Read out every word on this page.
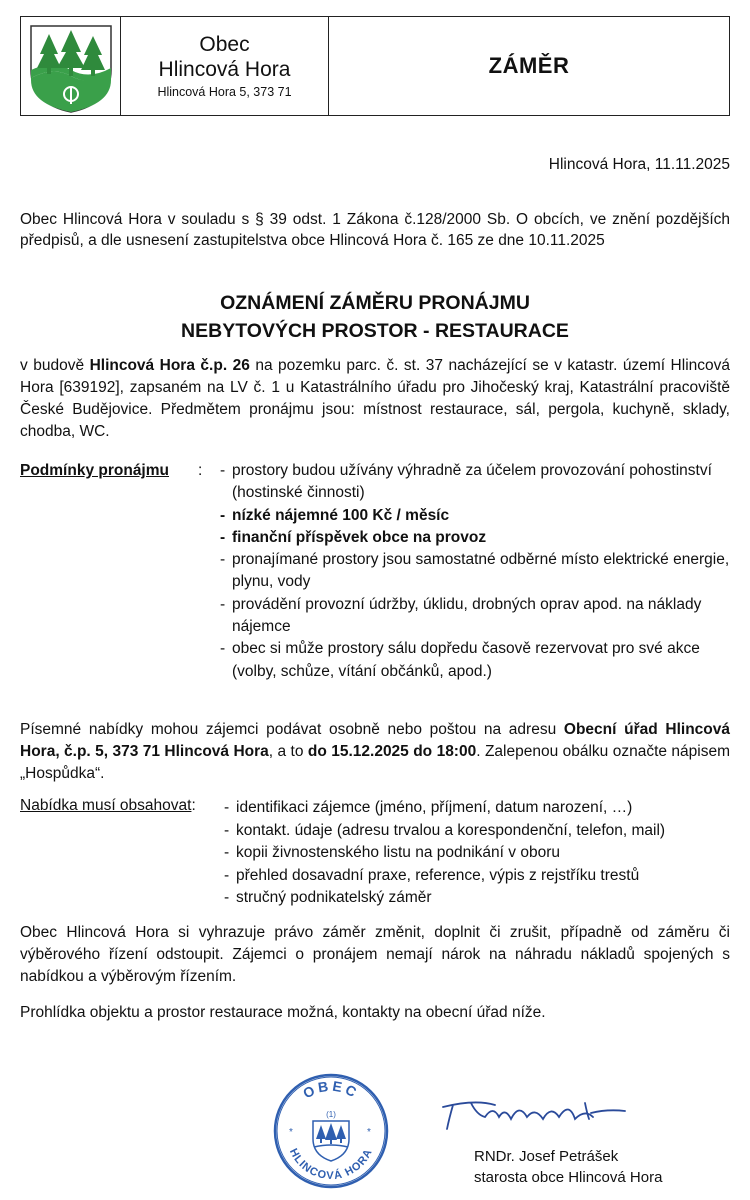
Obec
Hlincová Hora
Hlincová Hora 5, 373 71
ZÁMĚR
Hlincová Hora, 11.11.2025

Obec Hlincová Hora v souladu s § 39 odst. 1 Zákona č.128/2000 Sb. O obcích, ve znění pozdějších předpisů, a dle usnesení zastupitelstva obce Hlincová Hora č. 165 ze dne 10.11.2025

OZNÁMENÍ ZÁMĚRU PRONÁJMU
NEBYTOVÝCH PROSTOR - RESTAURACE

v budově Hlincová Hora č.p. 26 na pozemku parc. č. st. 37 nacházející se v katastr. území Hlincová Hora [639192], zapsaném na LV č. 1 u Katastrálního úřadu pro Jihočeský kraj, Katastrální pracoviště České Budějovice. Předmětem pronájmu jsou: místnost restaurace, sál, pergola, kuchyně, sklady, chodba, WC.

Podmínky pronájmu : - prostory budou užívány výhradně za účelem provozování pohostinství (hostinské činnosti)
- nízké nájemné 100 Kč / měsíc
- finanční příspěvek obce na provoz
- pronajímané prostory jsou samostatné odběrné místo elektrické energie, plynu, vody
- provádění provozní údržby, úklidu, drobných oprav apod. na náklady nájemce
- obec si může prostory sálu dopředu časově rezervovat pro své akce (volby, schůze, vítání občánků, apod.)

Písemné nabídky mohou zájemci podávat osobně nebo poštou na adresu Obecní úřad Hlincová Hora, č.p. 5, 373 71 Hlincová Hora, a to do 15.12.2025 do 18:00. Zalepenou obálku označte nápisem „Hospůdka“.

Nabídka musí obsahovat: - identifikaci zájemce (jméno, příjmení, datum narození, …)
- kontakt. údaje (adresu trvalou a korespondenční, telefon, mail)
- kopii živnostenského listu na podnikání v oboru
- přehled dosavadní praxe, reference, výpis z rejstříku trestů
- stručný podnikatelský záměr

Obec Hlincová Hora si vyhrazuje právo záměr změnit, doplnit či zrušit, případně od záměru či výběrového řízení odstoupit. Zájemci o pronájem nemají nárok na náhradu nákladů spojených s nabídkou a výběrovým řízením.

Prohlídka objektu a prostor restaurace možná, kontakty na obecní úřad níže.

OBEC
HLINCOVÁ HORA
(1)
*	*
RNDr. Josef Petrášek
starosta obce Hlincová Hora
